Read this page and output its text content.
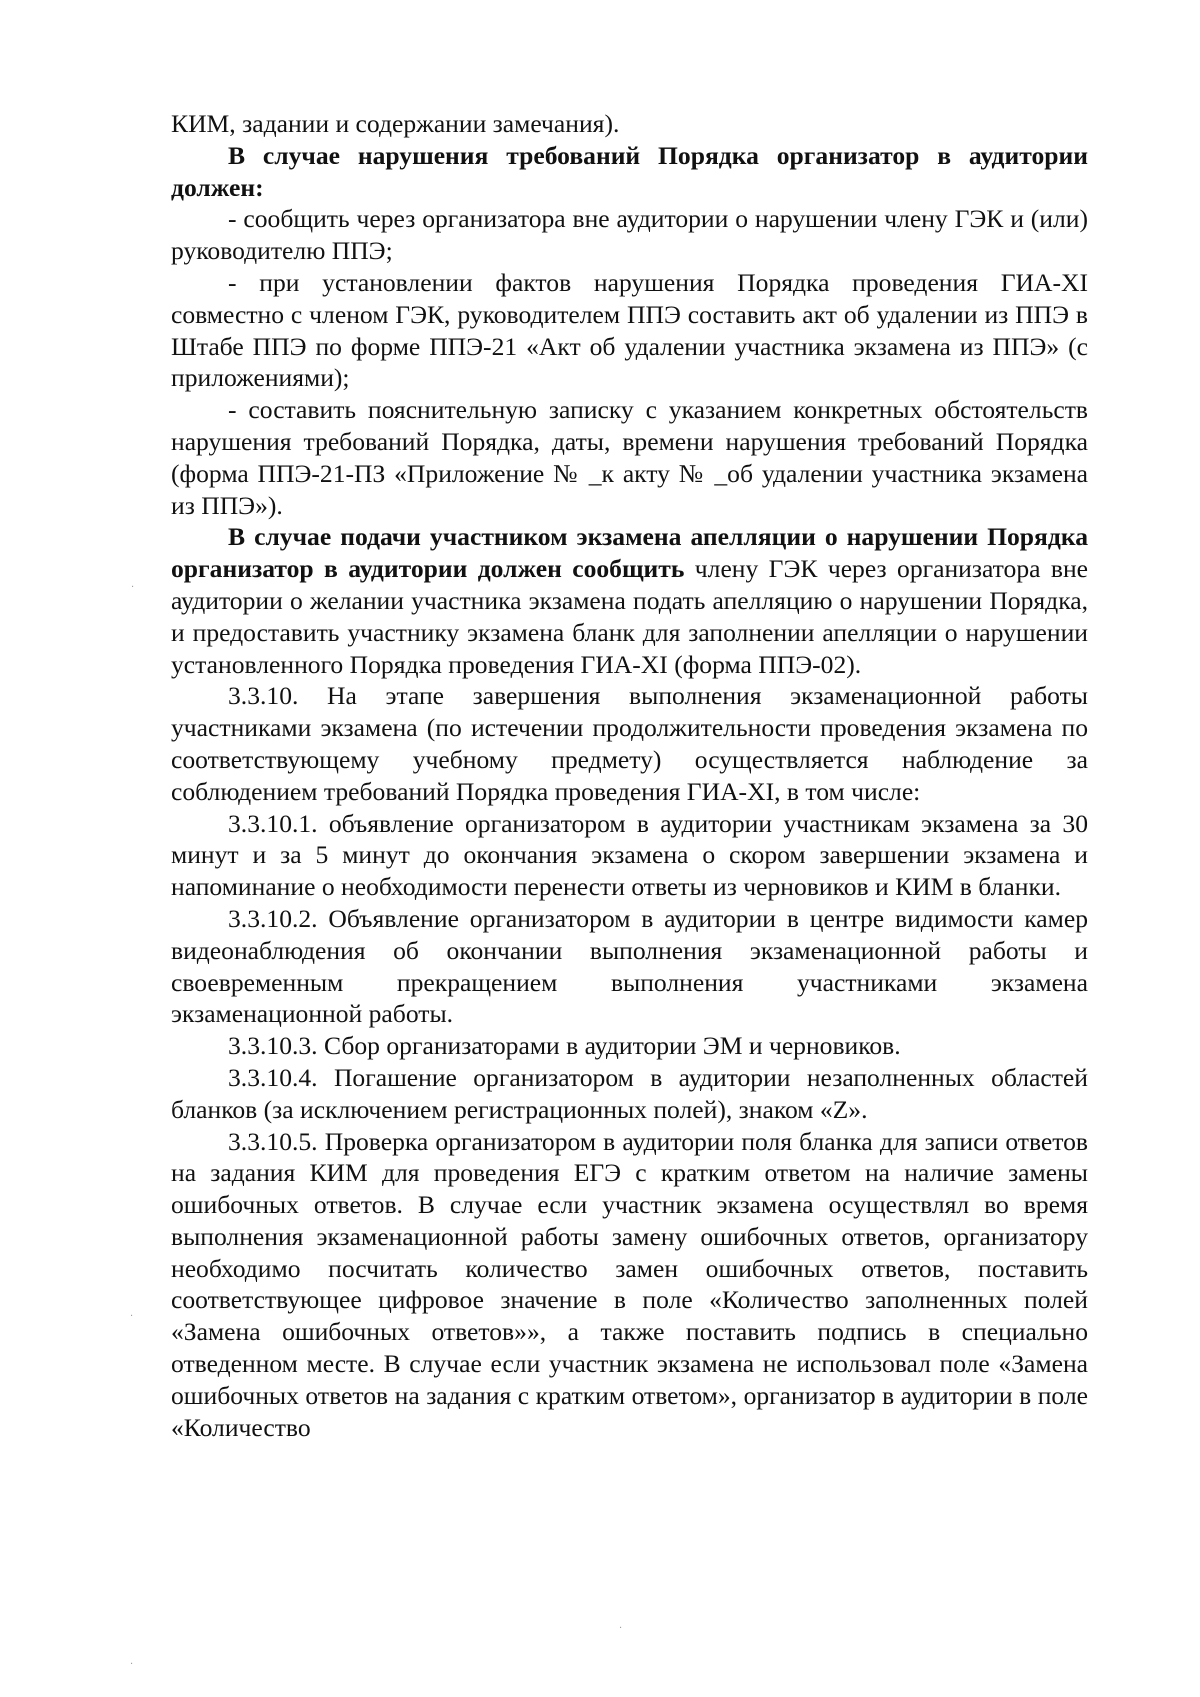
КИМ, задании и содержании замечания).

В случае нарушения требований Порядка организатор в аудитории должен:

- сообщить через организатора вне аудитории о нарушении члену ГЭК и (или) руководителю ППЭ;

- при установлении фактов нарушения Порядка проведения ГИА-XI совместно с членом ГЭК, руководителем ППЭ составить акт об удалении из ППЭ в Штабе ППЭ по форме ППЭ-21 «Акт об удалении участника экзамена из ППЭ» (с приложениями);

- составить пояснительную записку с указанием конкретных обстоятельств нарушения требований Порядка, даты, времени нарушения требований Порядка (форма ППЭ-21-ПЗ «Приложение № _к акту № _об удалении участника экзамена из ППЭ»).

В случае подачи участником экзамена апелляции о нарушении Порядка организатор в аудитории должен сообщить члену ГЭК через организатора вне аудитории о желании участника экзамена подать апелляцию о нарушении Порядка, и предоставить участнику экзамена бланк для заполнении апелляции о нарушении установленного Порядка проведения ГИА-XI (форма ППЭ-02).

3.3.10. На этапе завершения выполнения экзаменационной работы участниками экзамена (по истечении продолжительности проведения экзамена по соответствующему учебному предмету) осуществляется наблюдение за соблюдением требований Порядка проведения ГИА-XI, в том числе:

3.3.10.1. объявление организатором в аудитории участникам экзамена за 30 минут и за 5 минут до окончания экзамена о скором завершении экзамена и напоминание о необходимости перенести ответы из черновиков и КИМ в бланки.

3.3.10.2. Объявление организатором в аудитории в центре видимости камер видеонаблюдения об окончании выполнения экзаменационной работы и своевременным прекращением выполнения участниками экзамена экзаменационной работы.

3.3.10.3. Сбор организаторами в аудитории ЭМ и черновиков.

3.3.10.4. Погашение организатором в аудитории незаполненных областей бланков (за исключением регистрационных полей), знаком «Z».

3.3.10.5. Проверка организатором в аудитории поля бланка для записи ответов на задания КИМ для проведения ЕГЭ с кратким ответом на наличие замены ошибочных ответов. В случае если участник экзамена осуществлял во время выполнения экзаменационной работы замену ошибочных ответов, организатору необходимо посчитать количество замен ошибочных ответов, поставить соответствующее цифровое значение в поле «Количество заполненных полей «Замена ошибочных ответов»», а также поставить подпись в специально отведенном месте. В случае если участник экзамена не использовал поле «Замена ошибочных ответов на задания с кратким ответом», организатор в аудитории в поле «Количество

·
·
·
·
